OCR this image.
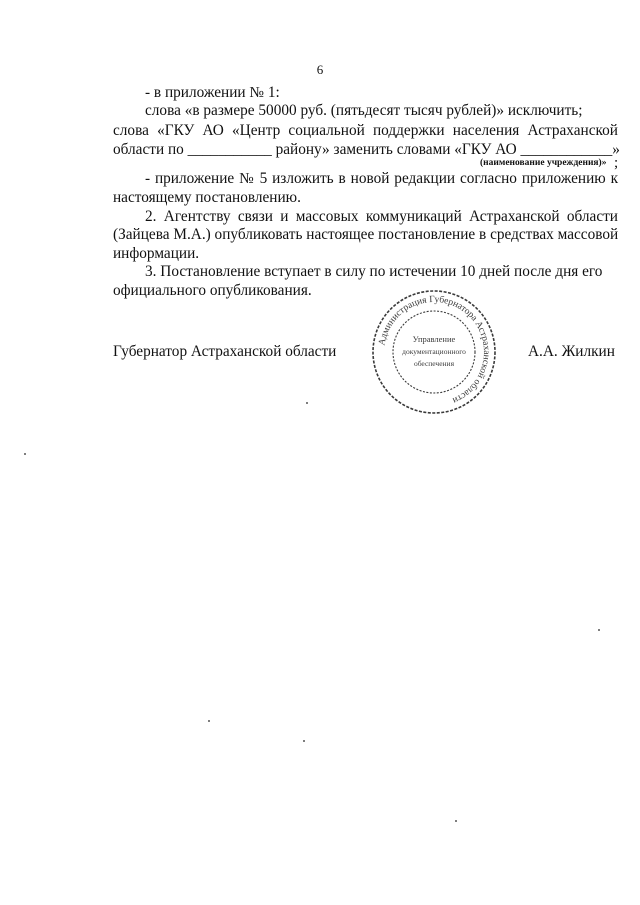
6
- в приложении № 1:
слова «в размере 50000 руб. (пятьдесят тысяч рублей)» исключить;
слова «ГКУ АО «Центр социальной поддержки населения Астраханской
области по ___________ району» заменить словами «ГКУ АО ____________»
(наименование учреждения)» ;
- приложение № 5 изложить в новой редакции согласно приложению к
настоящему постановлению.
2. Агентству связи и массовых коммуникаций Астраханской области
(Зайцева М.А.) опубликовать настоящее постановление в средствах массовой
информации.
3. Постановление вступает в силу по истечении 10 дней после дня его
официального опубликования.
Губернатор Астраханской области	А.А. Жилкин
Администрация Губернатора Астраханской области
Управление
документационного
обеспечения
